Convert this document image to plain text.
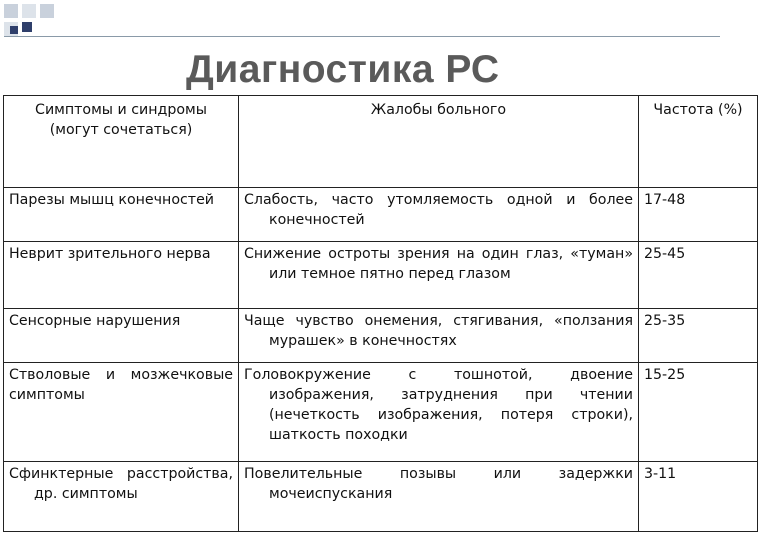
Диагностика РС
Симптомы и синдромы (могут сочетаться)	Жалобы больного	Частота (%)
Парезы мышц конечностей	Слабость, часто утомляемость одной и более конечностей	17-48
Неврит зрительного нерва	Снижение остроты зрения на один глаз, «туман» или темное пятно перед глазом	25-45
Сенсорные нарушения	Чаще чувство онемения, стягивания, «ползания мурашек» в конечностях	25-35
Стволовые и мозжечковые симптомы	Головокружение с тошнотой, двоение изображения, затруднения при чтении (нечеткость изображения, потеря строки), шаткость походки	15-25
Сфинктерные расстройства, др. симптомы	Повелительные позывы или задержки мочеиспускания	3-11
